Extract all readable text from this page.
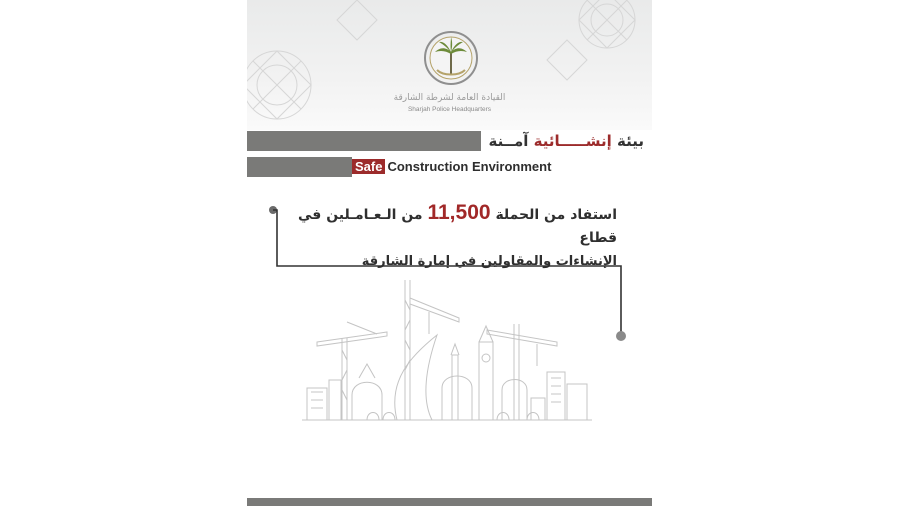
القيادة العامة لشرطة الشارقة
Sharjah Police Headquarters
بيئة إنشـــــائية آمــنة
Safe Construction Environment
استفاد من الحملة 11,500 من الـعـامـلين في قطاع
الإنشاءات والمقاولين في إمارة الشارقة
